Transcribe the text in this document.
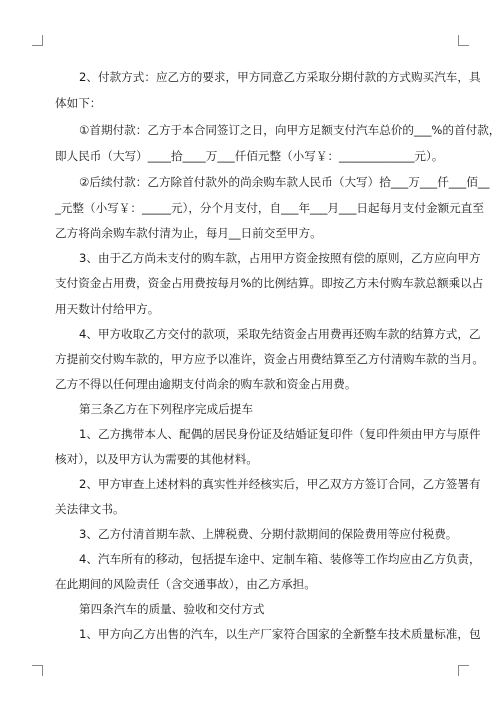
2、付款方式：应乙方的要求，甲方同意乙方采取分期付款的方式购买汽车，具
体如下：
①首期付款：乙方于本合同签订之日，向甲方足额支付汽车总价的___%的首付款，
即人民币（大写）____拾____万___仟佰元整（小写￥：_____________元）。
②后续付款：乙方除首付款外的尚余购车款人民币（大写）拾___万___仟___佰__
_元整（小写￥：_____元），分个月支付，自___年___月___日起每月支付金额元直至
乙方将尚余购车款付清为止，每月__日前交至甲方。
3、由于乙方尚未支付的购车款，占用甲方资金按照有偿的原则，乙方应向甲方
支付资金占用费，资金占用费按每月%的比例结算。即按乙方未付购车款总额乘以占
用天数计付给甲方。
4、甲方收取乙方交付的款项，采取先结资金占用费再还购车款的结算方式，乙
方提前交付购车款的，甲方应予以准许，资金占用费结算至乙方付清购车款的当月。
乙方不得以任何理由逾期支付尚余的购车款和资金占用费。
第三条乙方在下列程序完成后提车
1、乙方携带本人、配偶的居民身份证及结婚证复印件（复印件须由甲方与原件
核对），以及甲方认为需要的其他材料。
2、甲方审查上述材料的真实性并经核实后，甲乙双方方签订合同，乙方签署有
关法律文书。
3、乙方付清首期车款、上牌税费、分期付款期间的保险费用等应付税费。
4、汽车所有的移动，包括提车途中、定制车箱、装修等工作均应由乙方负责，
在此期间的风险责任（含交通事故），由乙方承担。
第四条汽车的质量、验收和交付方式
1、甲方向乙方出售的汽车，以生产厂家符合国家的全新整车技术质量标准，包
